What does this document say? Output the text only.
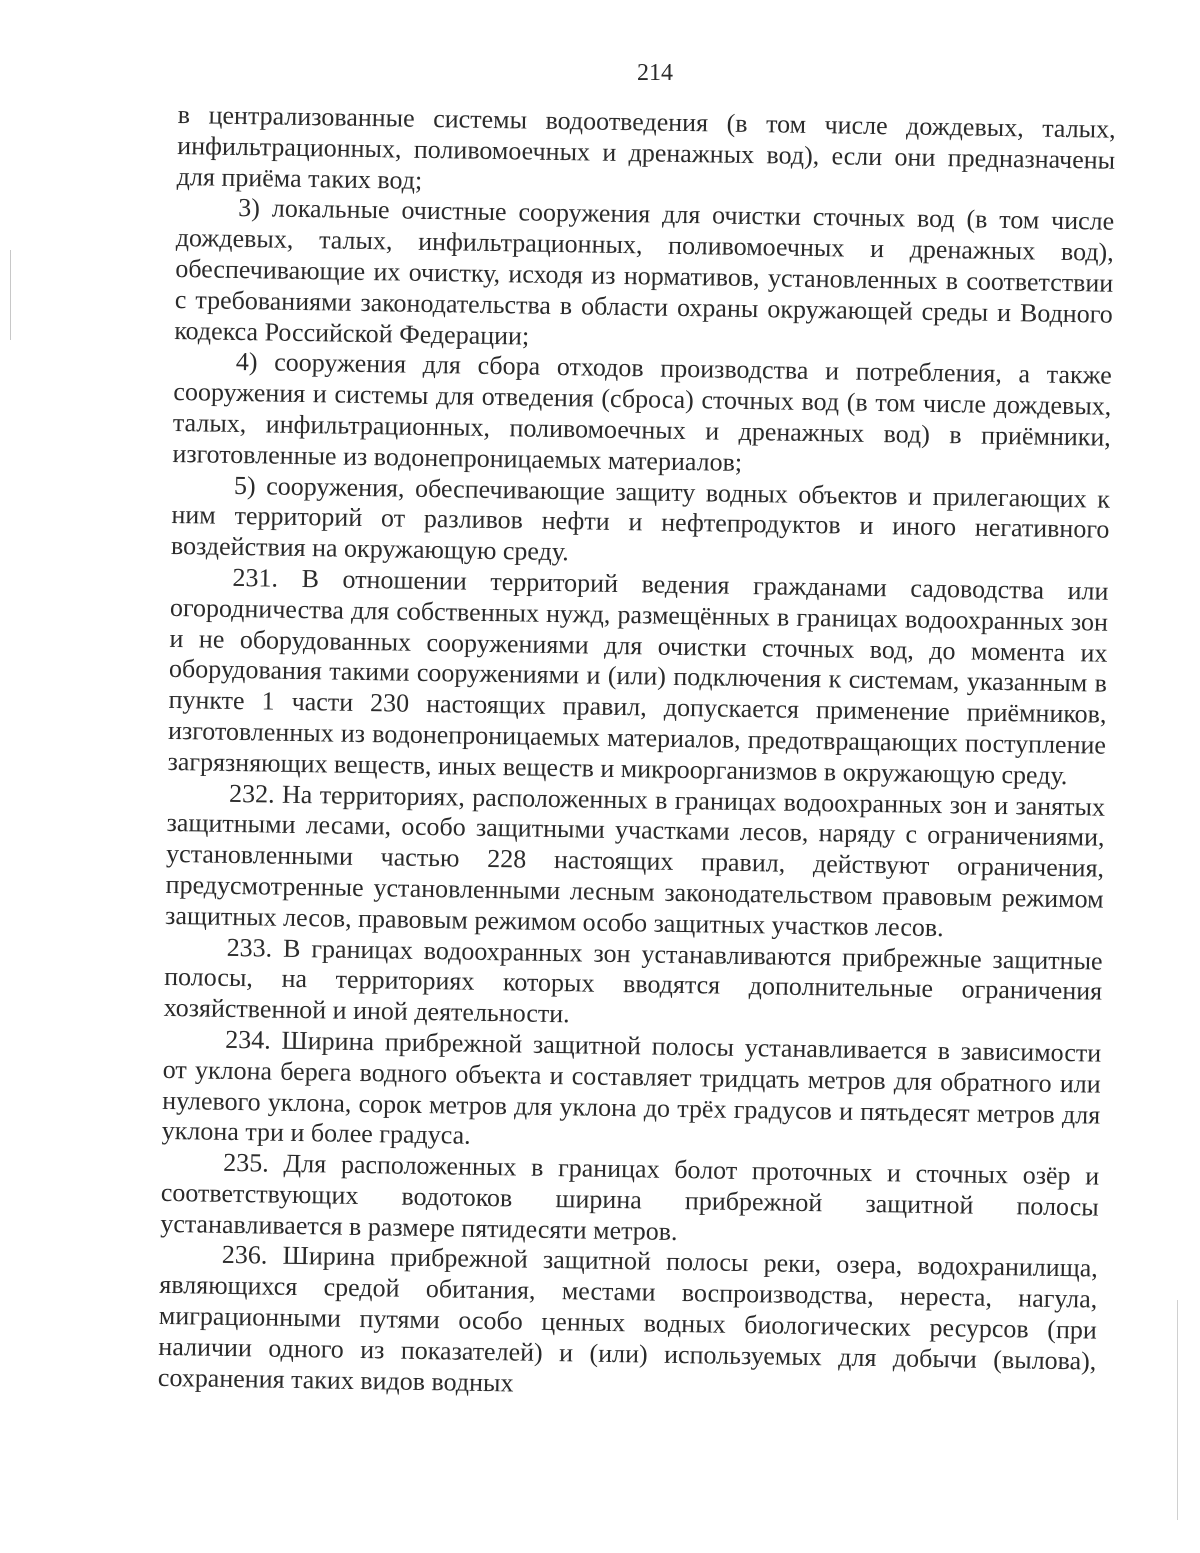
214

в централизованные системы водоотведения (в том числе дождевых, талых, инфильтрационных, поливомоечных и дренажных вод), если они предназначены для приёма таких вод;

3) локальные очистные сооружения для очистки сточных вод (в том числе дождевых, талых, инфильтрационных, поливомоечных и дренажных вод), обеспечивающие их очистку, исходя из нормативов, установленных в соответствии с требованиями законодательства в области охраны окружающей среды и Водного кодекса Российской Федерации;

4) сооружения для сбора отходов производства и потребления, а также сооружения и системы для отведения (сброса) сточных вод (в том числе дождевых, талых, инфильтрационных, поливомоечных и дренажных вод) в приёмники, изготовленные из водонепроницаемых материалов;

5) сооружения, обеспечивающие защиту водных объектов и прилегающих к ним территорий от разливов нефти и нефтепродуктов и иного негативного воздействия на окружающую среду.

231. В отношении территорий ведения гражданами садоводства или огородничества для собственных нужд, размещённых в границах водоохранных зон и не оборудованных сооружениями для очистки сточных вод, до момента их оборудования такими сооружениями и (или) подключения к системам, указанным в пункте 1 части 230 настоящих правил, допускается применение приёмников, изготовленных из водонепроницаемых материалов, предотвращающих поступление загрязняющих веществ, иных веществ и микроорганизмов в окружающую среду.

232. На территориях, расположенных в границах водоохранных зон и занятых защитными лесами, особо защитными участками лесов, наряду с ограничениями, установленными частью 228 настоящих правил, действуют ограничения, предусмотренные установленными лесным законодательством правовым режимом защитных лесов, правовым режимом особо защитных участков лесов.

233. В границах водоохранных зон устанавливаются прибрежные защитные полосы, на территориях которых вводятся дополнительные ограничения хозяйственной и иной деятельности.

234. Ширина прибрежной защитной полосы устанавливается в зависимости от уклона берега водного объекта и составляет тридцать метров для обратного или нулевого уклона, сорок метров для уклона до трёх градусов и пятьдесят метров для уклона три и более градуса.

235. Для расположенных в границах болот проточных и сточных озёр и соответствующих водотоков ширина прибрежной защитной полосы устанавливается в размере пятидесяти метров.

236. Ширина прибрежной защитной полосы реки, озера, водохранилища, являющихся средой обитания, местами воспроизводства, нереста, нагула, миграционными путями особо ценных водных биологических ресурсов (при наличии одного из показателей) и (или) используемых для добычи (вылова), сохранения таких видов водных
